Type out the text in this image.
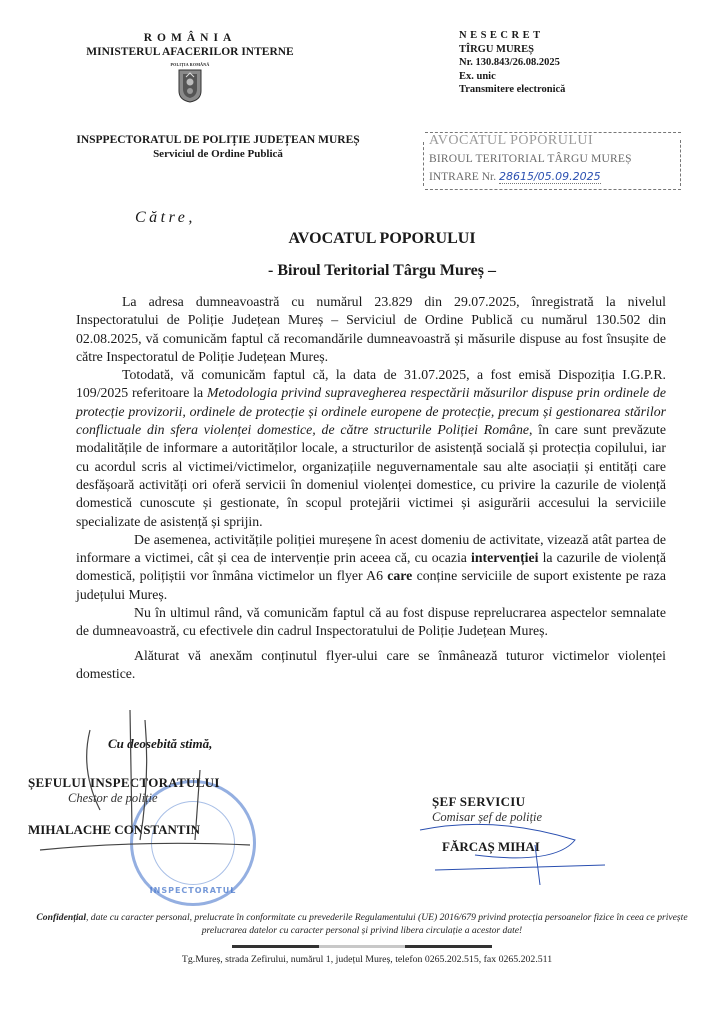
ROMÂNIA
MINISTERUL AFACERILOR INTERNE
POLIȚIA ROMÂNĂ
INSPPECTORATUL DE POLIȚIE JUDEȚEAN MUREȘ
Serviciul de Ordine Publică
NESECRET
TÎRGU MUREȘ
Nr. 130.843/26.08.2025
Ex. unic
Transmitere electronică
AVOCATUL POPORULUI
BIROUL TERITORIAL TÂRGU MUREȘ
INTRARE Nr. 28615/05.09.2025
Către,
AVOCATUL POPORULUI
- Biroul Teritorial Târgu Mureș –

La adresa dumneavoastră cu numărul 23.829 din 29.07.2025, înregistrată la nivelul Inspectoratului de Poliție Județean Mureș – Serviciul de Ordine Publică cu numărul 130.502 din 02.08.2025, vă comunicăm faptul că recomandările dumneavoastră și măsurile dispuse au fost însușite de către Inspectoratul de Poliție Județean Mureș.

Totodată, vă comunicăm faptul că, la data de 31.07.2025, a fost emisă Dispoziția I.G.P.R. 109/2025 referitoare la Metodologia privind supravegherea respectării măsurilor dispuse prin ordinele de protecție provizorii, ordinele de protecție și ordinele europene de protecție, precum și gestionarea stărilor conflictuale din sfera violenței domestice, de către structurile Poliției Române, în care sunt prevăzute modalitățile de informare a autorităților locale, a structurilor de asistență socială și protecția copilului, iar cu acordul scris al victimei/victimelor, organizațiile neguvernamentale sau alte asociații și entități care desfășoară activități ori oferă servicii în domeniul violenței domestice, cu privire la cazurile de violență domestică cunoscute și gestionate, în scopul protejării victimei și asigurării accesului la serviciile specializate de asistență și sprijin.

De asemenea, activitățile poliției mureșene în acest domeniu de activitate, vizează atât partea de informare a victimei, cât și cea de intervenție prin aceea că, cu ocazia intervenției la cazurile de violență domestică, polițiștii vor înmâna victimelor un flyer A6 care conține serviciile de suport existente pe raza județului Mureș.

Nu în ultimul rând, vă comunicăm faptul că au fost dispuse reprelucrarea aspectelor semnalate de dumneavoastră, cu efectivele din cadrul Inspectoratului de Poliție Județean Mureș.

Alăturat vă anexăm conținutul flyer-ului care se înmânează tuturor victimelor violenței domestice.

Cu deosebită stimă,
INSPECTORATUL
ȘEFULUI INSPECTORATULUI
Chestor de poliție
MIHALACHE CONSTANTIN
ȘEF SERVICIU
Comisar șef de poliție
FĂRCAȘ MIHAI
Confidențial, date cu caracter personal, prelucrate în conformitate cu prevederile Regulamentului (UE) 2016/679 privind protecția persoanelor fizice în ceea ce privește prelucrarea datelor cu caracter personal și privind libera circulație a acestor date!
Tg.Mureș, strada Zefirului, numărul 1, județul Mureș, telefon 0265.202.515, fax 0265.202.511
